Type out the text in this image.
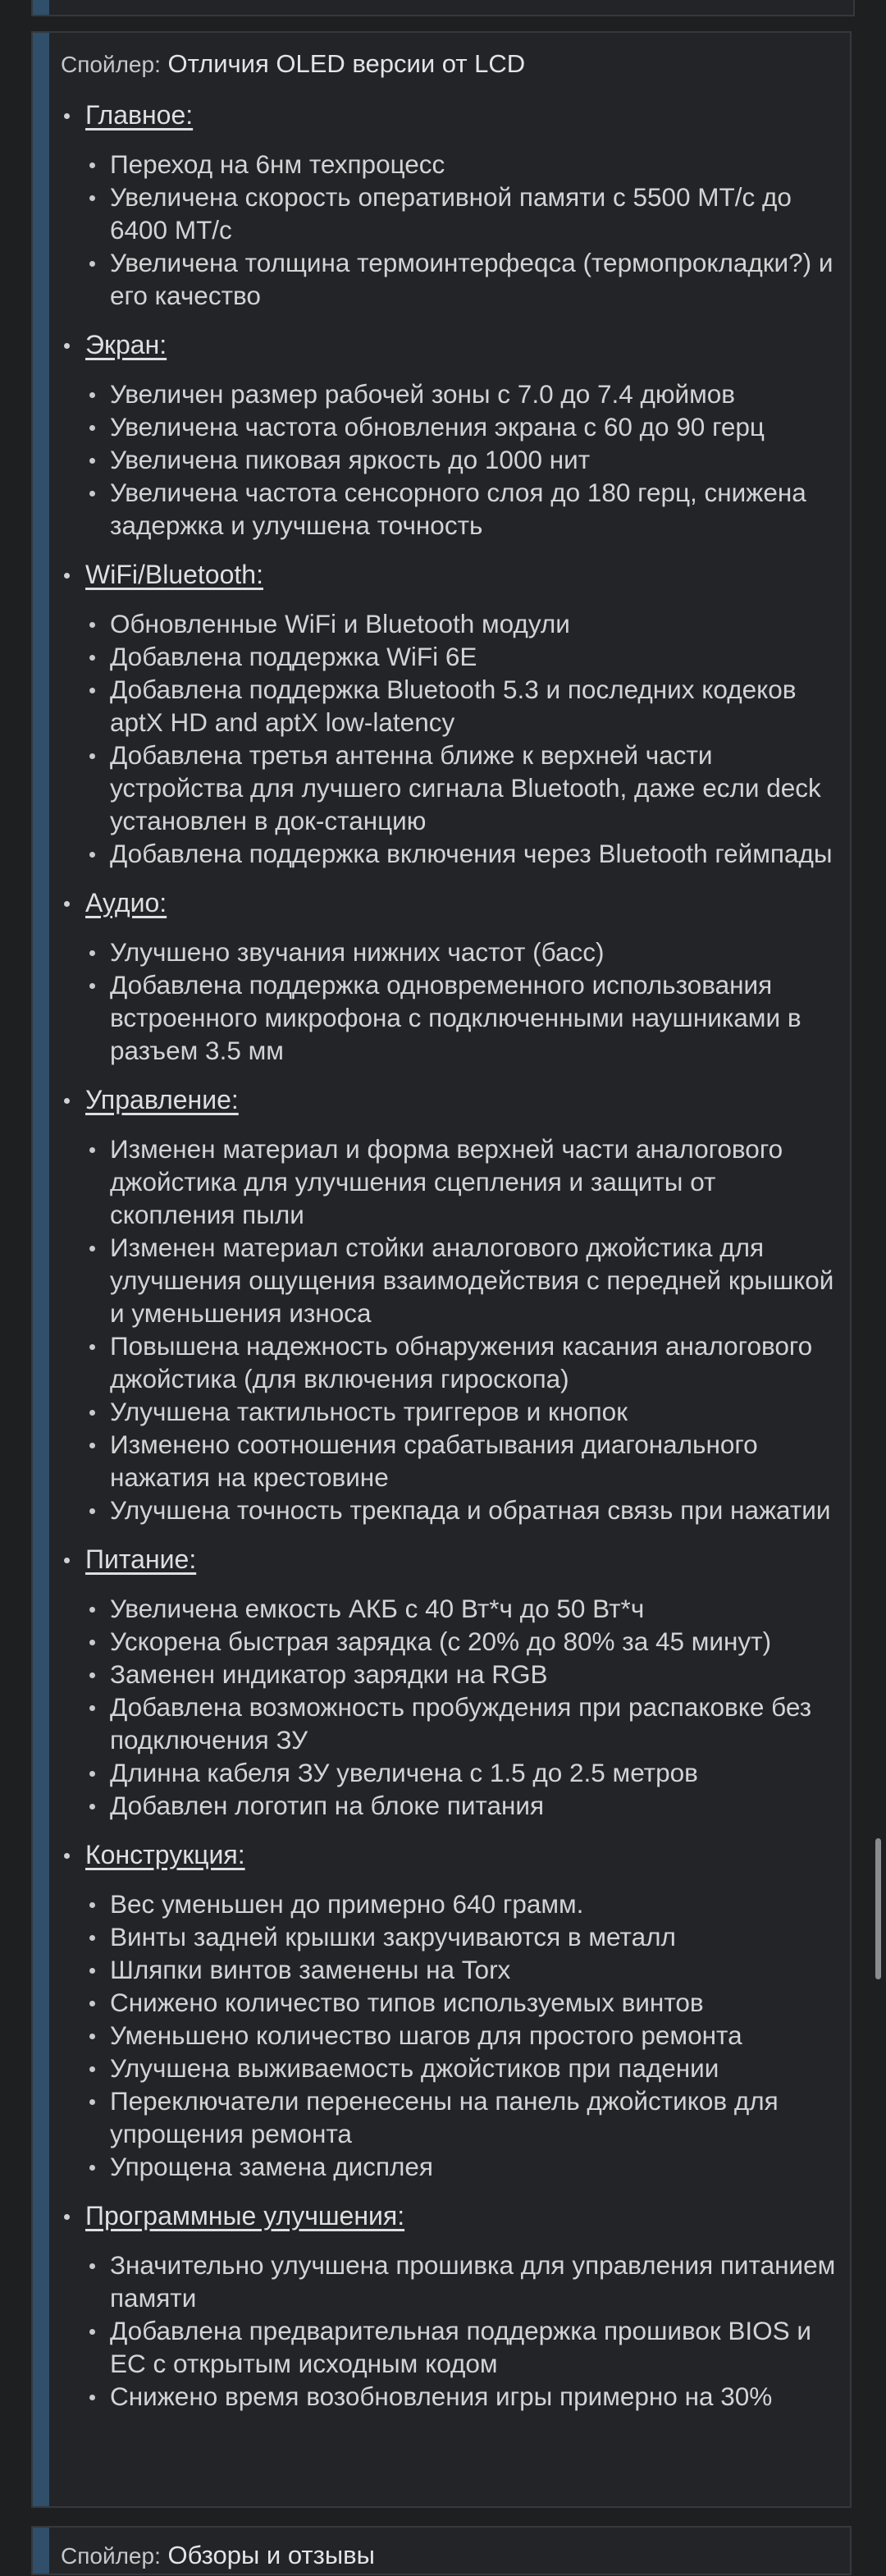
Спойлер: Отличия OLED версии от LCD
Главное:
Переход на 6нм техпроцесс
Увеличена скорость оперативной памяти с 5500 МТ/с до 6400 МТ/с
Увеличена толщина термоинтерфеqса (термопрокладки?) и его качество
Экран:
Увеличен размер рабочей зоны с 7.0 до 7.4 дюймов
Увеличена частота обновления экрана с 60 до 90 герц
Увеличена пиковая яркость до 1000 нит
Увеличена частота сенсорного слоя до 180 герц, снижена задержка и улучшена точность
WiFi/Bluetooth:
Обновленные WiFi и Bluetooth модули
Добавлена поддержка WiFi 6E
Добавлена поддержка Bluetooth 5.3 и последних кодеков aptX HD and aptX low-latency
Добавлена третья антенна ближе к верхней части устройства для лучшего сигнала Bluetooth, даже если deck установлен в док-станцию
Добавлена поддержка включения через Bluetooth геймпады
Аудио:
Улучшено звучания нижних частот (басс)
Добавлена поддержка одновременного использования встроенного микрофона с подключенными наушниками в разъем 3.5 мм
Управление:
Изменен материал и форма верхней части аналогового джойстика для улучшения сцепления и защиты от скопления пыли
Изменен материал стойки аналогового джойстика для улучшения ощущения взаимодействия с передней крышкой и уменьшения износа
Повышена надежность обнаружения касания аналогового джойстика (для включения гироскопа)
Улучшена тактильность триггеров и кнопок
Изменено соотношения срабатывания диагонального нажатия на крестовине
Улучшена точность трекпада и обратная связь при нажатии
Питание:
Увеличена емкость АКБ с 40 Вт*ч до 50 Вт*ч
Ускорена быстрая зарядка (с 20% до 80% за 45 минут)
Заменен индикатор зарядки на RGB
Добавлена возможность пробуждения при распаковке без подключения ЗУ
Длинна кабеля ЗУ увеличена с 1.5 до 2.5 метров
Добавлен логотип на блоке питания
Конструкция:
Вес уменьшен до примерно 640 грамм.
Винты задней крышки закручиваются в металл
Шляпки винтов заменены на Torx
Снижено количество типов используемых винтов
Уменьшено количество шагов для простого ремонта
Улучшена выживаемость джойстиков при падении
Переключатели перенесены на панель джойстиков для упрощения ремонта
Упрощена замена дисплея
Программные улучшения:
Значительно улучшена прошивка для управления питанием памяти
Добавлена предварительная поддержка прошивок BIOS и EC с открытым исходным кодом
Снижено время возобновления игры примерно на 30%
Спойлер: Обзоры и отзывы
